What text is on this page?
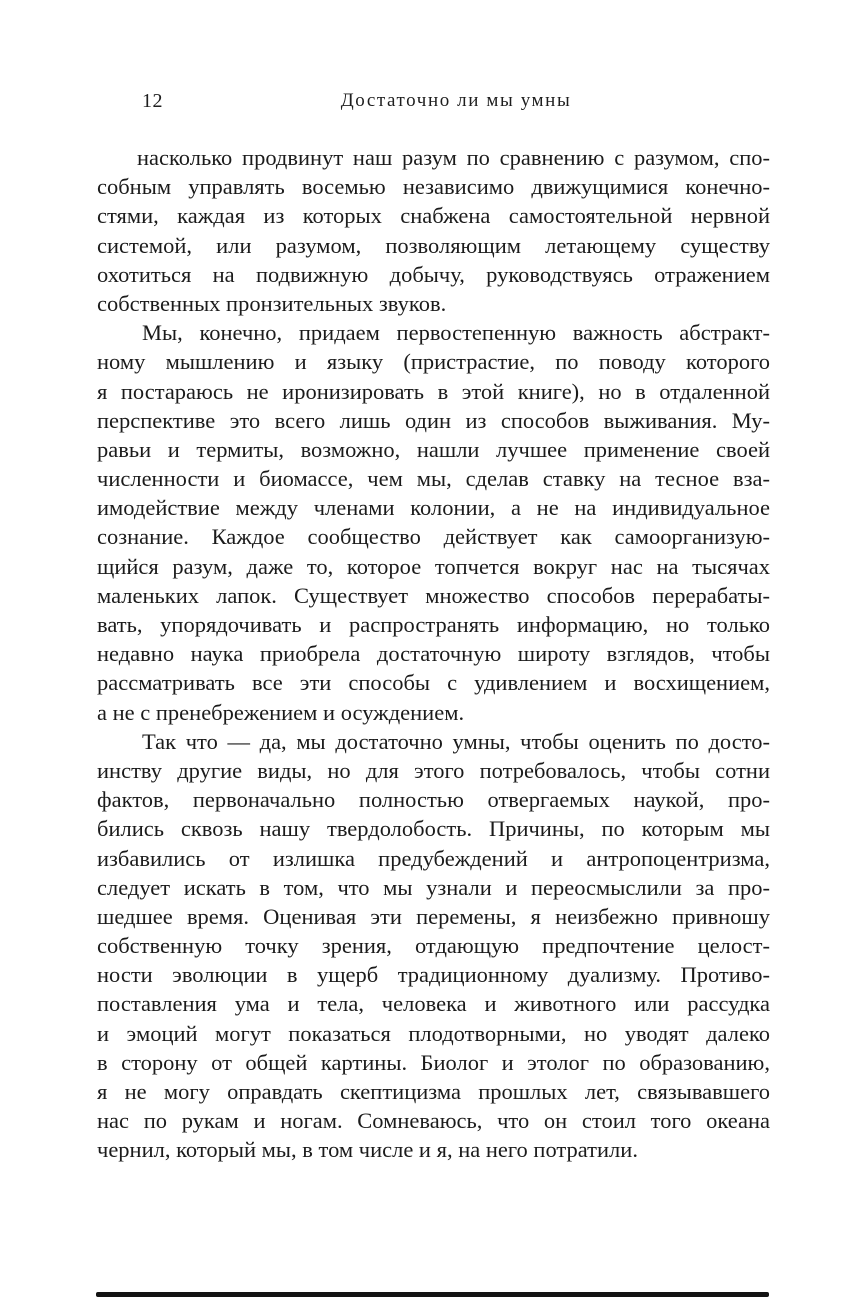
12	Достаточно ли мы умны
насколько продвинут наш разум по сравнению с разумом, спо-
собным управлять восемью независимо движущимися конечно-
стями, каждая из которых снабжена самостоятельной нервной
системой, или разумом, позволяющим летающему существу
охотиться на подвижную добычу, руководствуясь отражением
собственных пронзительных звуков.
Мы, конечно, придаем первостепенную важность абстракт-
ному мышлению и языку (пристрастие, по поводу которого
я постараюсь не иронизировать в этой книге), но в отдаленной
перспективе это всего лишь один из способов выживания. Му-
равьи и термиты, возможно, нашли лучшее применение своей
численности и биомассе, чем мы, сделав ставку на тесное вза-
имодействие между членами колонии, а не на индивидуальное
сознание. Каждое сообщество действует как самоорганизую-
щийся разум, даже то, которое топчется вокруг нас на тысячах
маленьких лапок. Существует множество способов перерабаты-
вать, упорядочивать и распространять информацию, но только
недавно наука приобрела достаточную широту взглядов, чтобы
рассматривать все эти способы с удивлением и восхищением,
а не с пренебрежением и осуждением.
Так что — да, мы достаточно умны, чтобы оценить по досто-
инству другие виды, но для этого потребовалось, чтобы сотни
фактов, первоначально полностью отвергаемых наукой, про-
бились сквозь нашу твердолобость. Причины, по которым мы
избавились от излишка предубеждений и антропоцентризма,
следует искать в том, что мы узнали и переосмыслили за про-
шедшее время. Оценивая эти перемены, я неизбежно привношу
собственную точку зрения, отдающую предпочтение целост-
ности эволюции в ущерб традиционному дуализму. Противо-
поставления ума и тела, человека и животного или рассудка
и эмоций могут показаться плодотворными, но уводят далеко
в сторону от общей картины. Биолог и этолог по образованию,
я не могу оправдать скептицизма прошлых лет, связывавшего
нас по рукам и ногам. Сомневаюсь, что он стоил того океана
чернил, который мы, в том числе и я, на него потратили.
